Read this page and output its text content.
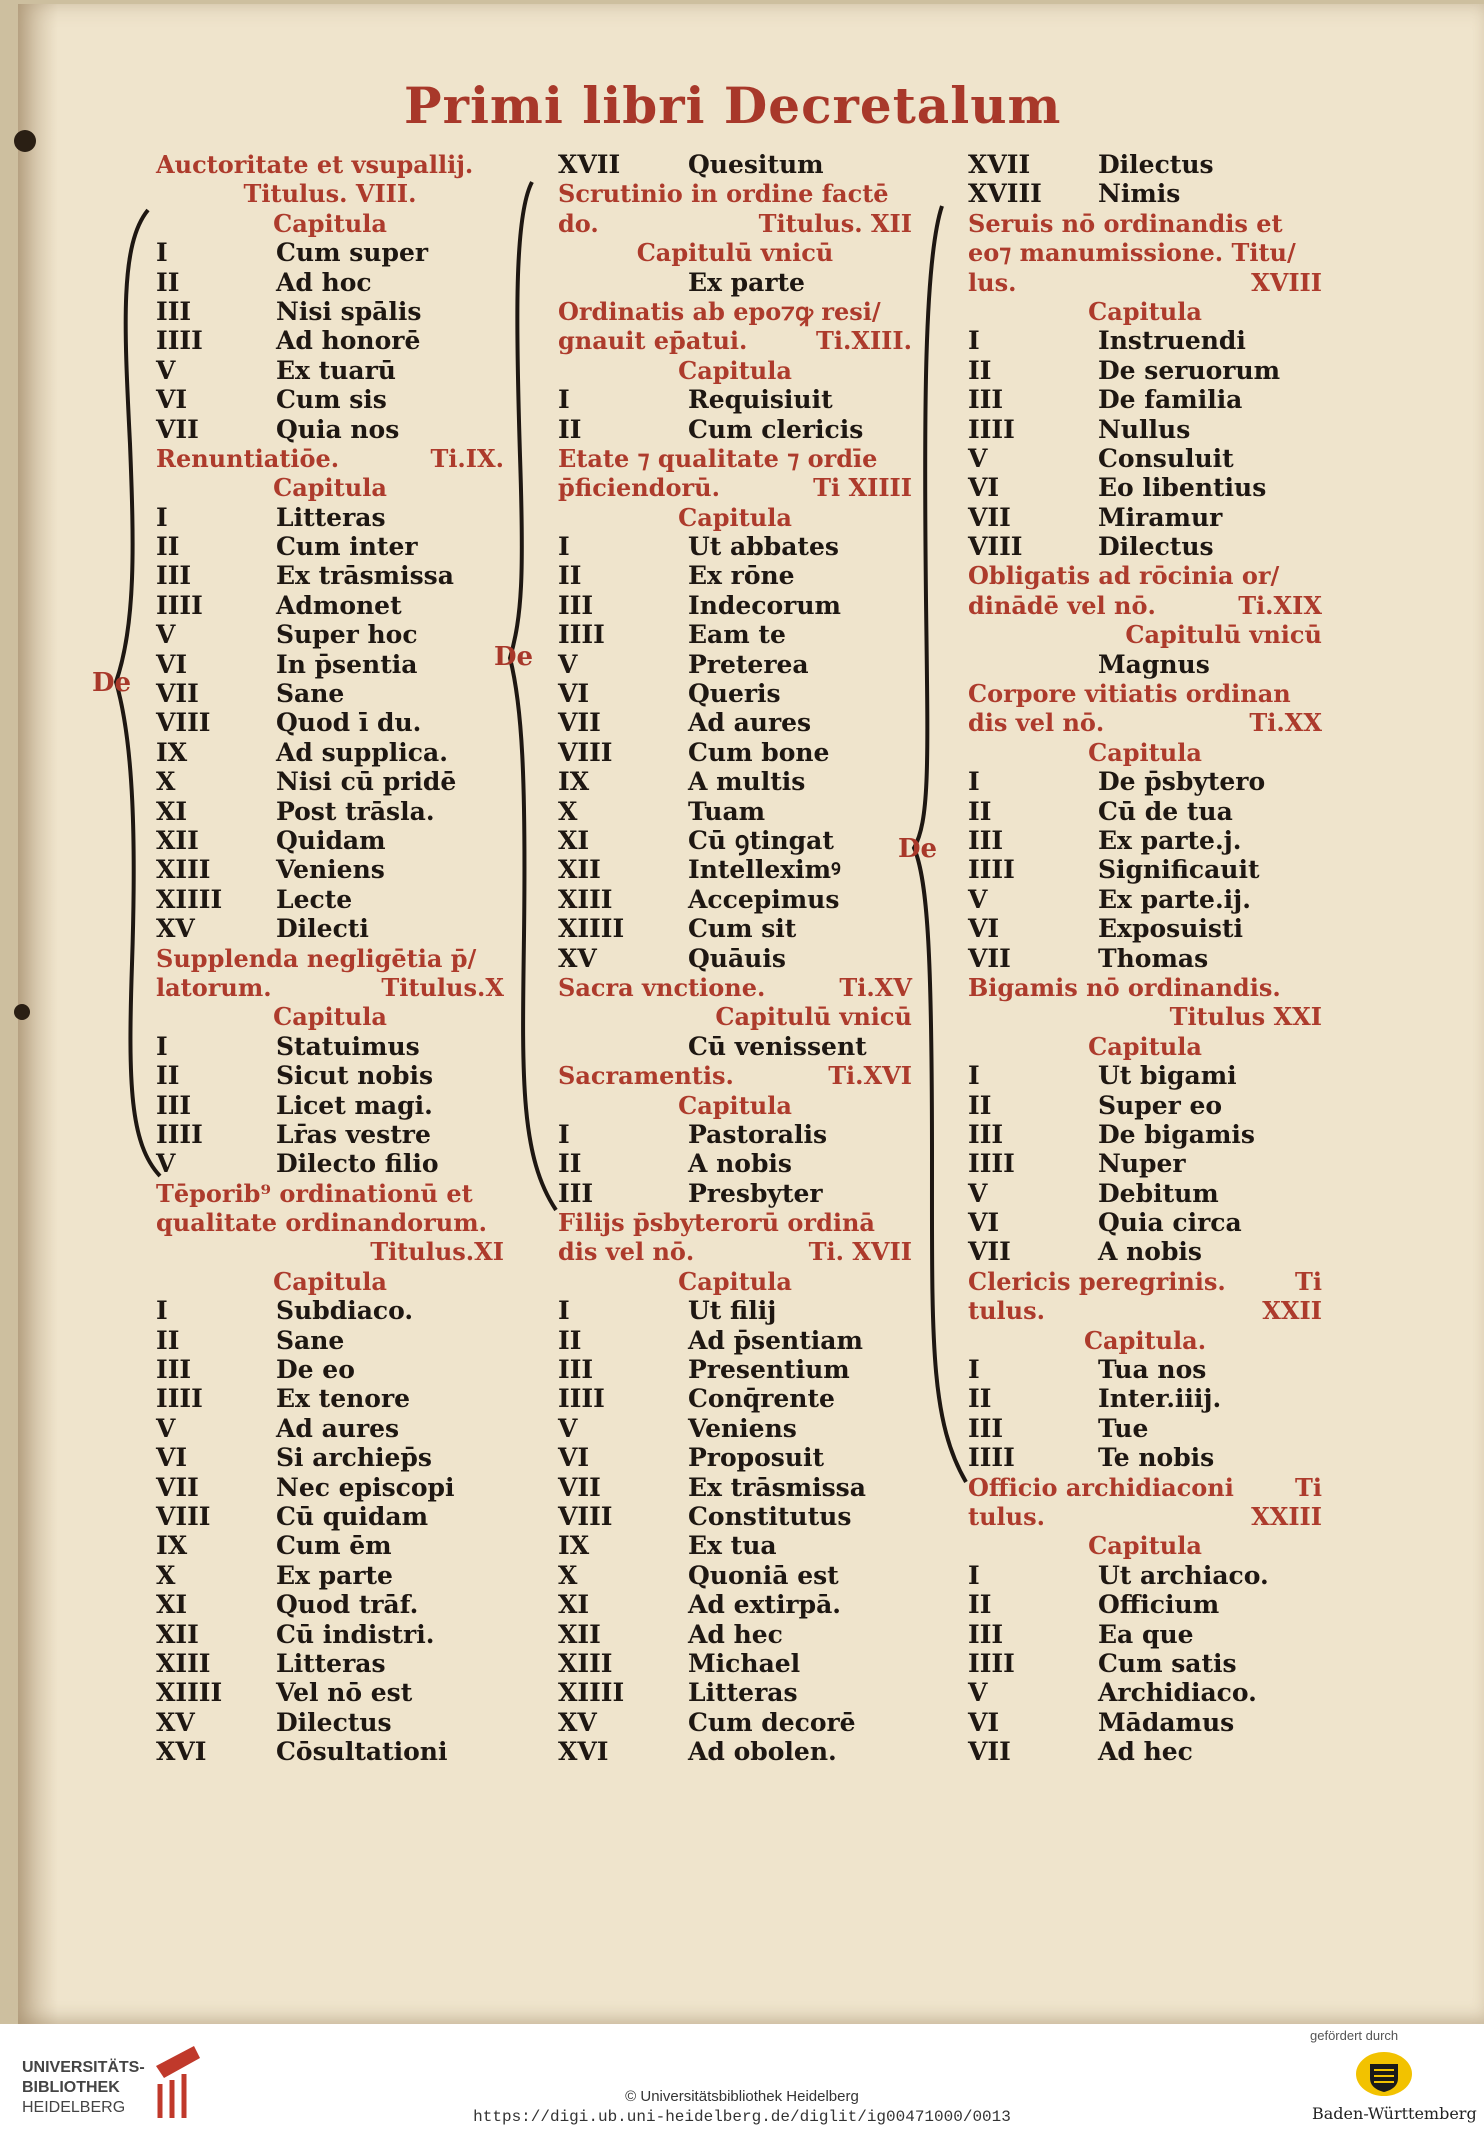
Primi libri Decretalum
Auctoritate et vsupallij.
Titulus. VIII.
Capitula
I	Cum super
II	Ad hoc
III	Nisi spālis
IIII	Ad honorē
V	Ex tuarū
VI	Cum sis
VII	Quia nos
Renuntiatiōe.	Ti.IX.
Capitula
I	Litteras
II	Cum inter
III	Ex trāsmissa
IIII	Admonet
V	Super hoc
VI	In p̄sentia
VII	Sane
VIII	Quod ī du.
IX	Ad supplica.
X	Nisi cū pridē
XI	Post trāsla.
XII	Quidam
XIII	Veniens
XIIII Lecte
XV	Dilecti
Supplenda negligētia p̄/
latorum.	Titulus.X
Capitula
I	Statuimus
II	Sicut nobis
III	Licet magi.
IIII	Lr̄as vestre
V	Dilecto filio
Tēporib⁹ ordinationū et
qualitate ordinandorum.
Titulus.XI
Capitula
I	Subdiaco.
II	Sane
III	De eo
IIII	Ex tenore
V	Ad aures
VI	Si archiep̄s
VII	Nec episcopi
VIII	Cū quidam
IX	Cum ēm
X	Ex parte
XI	Quod trāf.
XII	Cū indistri.
XIII	Litteras
XIIII Vel nō est
XV	Dilectus
XVI	Cōsultationi
XVII	Quesitum
Scrutinio in ordine factē
do.	Titulus. XII
Capitulū vnicū
Ex parte
Ordinatis ab epo⁊ꝙ resi/
gnauit ep̄atui.	Ti.XIII.
Capitula
I	Requisiuit
II	Cum clericis
Etate ⁊ qualitate ⁊ ordīe
p̄ficiendorū.	Ti XIIII
Capitula
I	Ut abbates
II	Ex rōne
III	Indecorum
IIII	Eam te
V	Preterea
VI	Queris
VII	Ad aures
VIII	Cum bone
IX	A multis
X	Tuam
XI	Cū ꝯtingat
XII	Intelleximꝰ
XIII	Accepimus
XIIII	Cum sit
XV	Quāuis
Sacra vnctione.	Ti.XV
Capitulū vnicū
Cū venissent
Sacramentis.	Ti.XVI
Capitula
I	Pastoralis
II	A nobis
III	Presbyter
Filijs p̄sbyterorū ordinā
dis vel nō.	Ti. XVII
Capitula
I	Ut filij
II	Ad p̄sentiam
III	Presentium
IIII	Conq̄rente
V	Veniens
VI	Proposuit
VII	Ex trāsmissa
VIII	Constitutus
IX	Ex tua
X	Quoniā est
XI	Ad extirpā.
XII	Ad hec
XIII	Michael
XIIII	Litteras
XV	Cum decorē
XVI	Ad obolen.
XVII	Dilectus
XVIII Nimis
Seruis nō ordinandis et
eo⁊ manumissione. Titu/
lus.	XVIII
Capitula
I	Instruendi
II	De seruorum
III	De familia
IIII	Nullus
V	Consuluit
VI	Eo libentius
VII	Miramur
VIII	Dilectus
Obligatis ad rōcinia or/
dinādē vel nō.	Ti.XIX
Capitulū vnicū
Magnus
Corpore vitiatis ordinan
dis vel nō.	Ti.XX
Capitula
I	De p̄sbytero
II	Cū de tua
III	Ex parte.j.
IIII	Significauit
V	Ex parte.ij.
VI	Exposuisti
VII	Thomas
Bigamis nō ordinandis.
Titulus XXI
Capitula
I	Ut bigami
II	Super eo
III	De bigamis
IIII	Nuper
V	Debitum
VI	Quia circa
VII	A nobis
Clericis peregrinis.	Ti
tulus.	XXII
Capitula.
I	Tua nos
II	Inter.iiij.
III	Tue
IIII	Te nobis
Officio archidiaconi	Ti
tulus.	XXIII
Capitula
I	Ut archiaco.
II	Officium
III	Ea que
IIII	Cum satis
V	Archidiaco.
VI	Mādamus
VII	Ad hec
De
De
De
UNIVERSITÄTS-
BIBLIOTHEK
HEIDELBERG
© Universitätsbibliothek Heidelberg
https://digi.ub.uni-heidelberg.de/diglit/ig00471000/0013
gefördert durch
Baden-Württemberg
